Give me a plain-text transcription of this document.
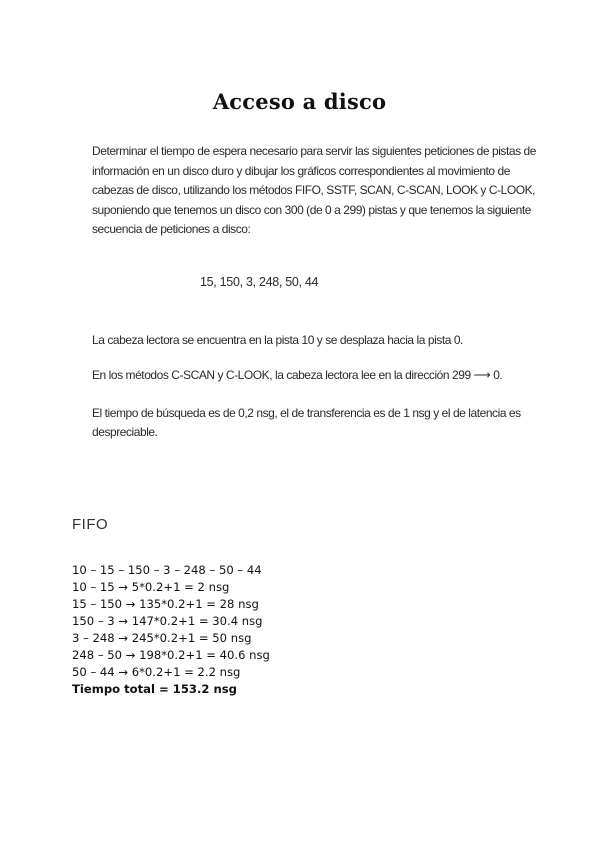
Acceso a disco
Determinar el tiempo de espera necesario para servir las siguientes peticiones de pistas de información en un disco duro y dibujar los gráficos correspondientes al movimiento de cabezas de disco, utilizando los métodos FIFO, SSTF, SCAN, C-SCAN, LOOK y C-LOOK, suponiendo que tenemos un disco con 300 (de 0 a 299) pistas y que tenemos la siguiente secuencia de peticiones a disco:
15, 150, 3, 248, 50, 44
La cabeza lectora se encuentra en la pista 10 y se desplaza hacia la pista 0.
En los métodos C-SCAN y C-LOOK, la cabeza lectora lee en la dirección 299 ⟶ 0.
El tiempo de búsqueda es de 0,2 nsg, el de transferencia es de 1 nsg y el de latencia es despreciable.
FIFO
10 – 15 – 150 – 3 – 248 – 50 – 44
10 – 15 → 5*0.2+1 = 2 nsg
15 – 150 → 135*0.2+1 = 28 nsg
150 – 3 → 147*0.2+1 = 30.4 nsg
3 – 248 → 245*0.2+1 = 50 nsg
248 – 50 → 198*0.2+1 = 40.6 nsg
50 – 44 → 6*0.2+1 = 2.2 nsg
Tiempo total = 153.2 nsg
